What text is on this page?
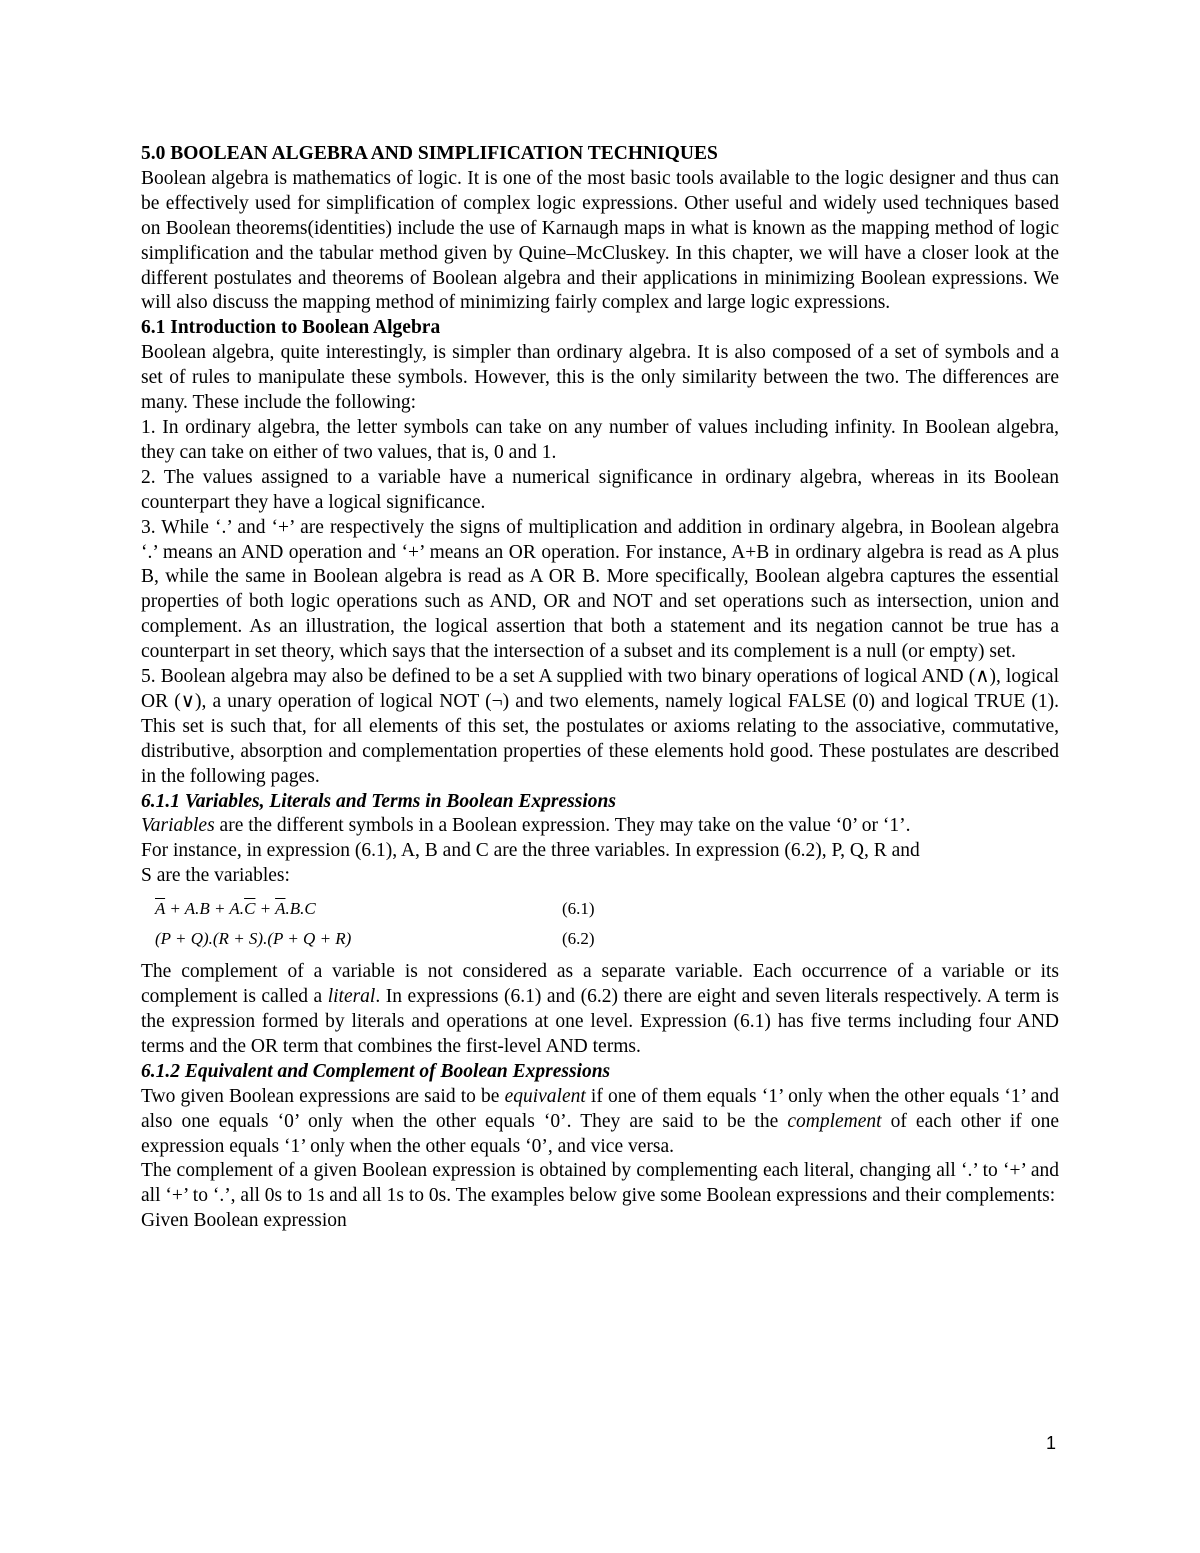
5.0 BOOLEAN ALGEBRA AND SIMPLIFICATION TECHNIQUES

Boolean algebra is mathematics of logic. It is one of the most basic tools available to the logic designer and thus can be effectively used for simplification of complex logic expressions. Other useful and widely used techniques based on Boolean theorems(identities) include the use of Karnaugh maps in what is known as the mapping method of logic simplification and the tabular method given by Quine–McCluskey. In this chapter, we will have a closer look at the different postulates and theorems of Boolean algebra and their applications in minimizing Boolean expressions. We will also discuss the mapping method of minimizing fairly complex and large logic expressions.

6.1 Introduction to Boolean Algebra

Boolean algebra, quite interestingly, is simpler than ordinary algebra. It is also composed of a set of symbols and a set of rules to manipulate these symbols. However, this is the only similarity between the two. The differences are many. These include the following:

1. In ordinary algebra, the letter symbols can take on any number of values including infinity. In Boolean algebra, they can take on either of two values, that is, 0 and 1.

2. The values assigned to a variable have a numerical significance in ordinary algebra, whereas in its Boolean counterpart they have a logical significance.

3. While ‘.’ and ‘+’ are respectively the signs of multiplication and addition in ordinary algebra, in Boolean algebra ‘.’ means an AND operation and ‘+’ means an OR operation. For instance, A+B in ordinary algebra is read as A plus B, while the same in Boolean algebra is read as A OR B. More specifically, Boolean algebra captures the essential properties of both logic operations such as AND, OR and NOT and set operations such as intersection, union and complement. As an illustration, the logical assertion that both a statement and its negation cannot be true has a counterpart in set theory, which says that the intersection of a subset and its complement is a null (or empty) set.

5. Boolean algebra may also be defined to be a set A supplied with two binary operations of logical AND (∧), logical OR (∨), a unary operation of logical NOT (¬) and two elements, namely logical FALSE (0) and logical TRUE (1). This set is such that, for all elements of this set, the postulates or axioms relating to the associative, commutative, distributive, absorption and complementation properties of these elements hold good. These postulates are described in the following pages.

6.1.1 Variables, Literals and Terms in Boolean Expressions

Variables are the different symbols in a Boolean expression. They may take on the value ‘0’ or ‘1’.

For instance, in expression (6.1), A, B and C are the three variables. In expression (6.2), P, Q, R and

S are the variables:

$\overline{A} + A.B + A.\overline{C} + \overline{A}.B.C$	(6.1)
(P + Q).(R + S).(P + Q + R)	(6.2)

The complement of a variable is not considered as a separate variable. Each occurrence of a variable or its complement is called a literal. In expressions (6.1) and (6.2) there are eight and seven literals respectively. A term is the expression formed by literals and operations at one level. Expression (6.1) has five terms including four AND terms and the OR term that combines the first-level AND terms.

6.1.2 Equivalent and Complement of Boolean Expressions

Two given Boolean expressions are said to be equivalent if one of them equals ‘1’ only when the other equals ‘1’ and also one equals ‘0’ only when the other equals ‘0’. They are said to be the complement of each other if one expression equals ‘1’ only when the other equals ‘0’, and vice versa.

The complement of a given Boolean expression is obtained by complementing each literal, changing all ‘.’ to ‘+’ and all ‘+’ to ‘.’, all 0s to 1s and all 1s to 0s. The examples below give some Boolean expressions and their complements:

Given Boolean expression

1
